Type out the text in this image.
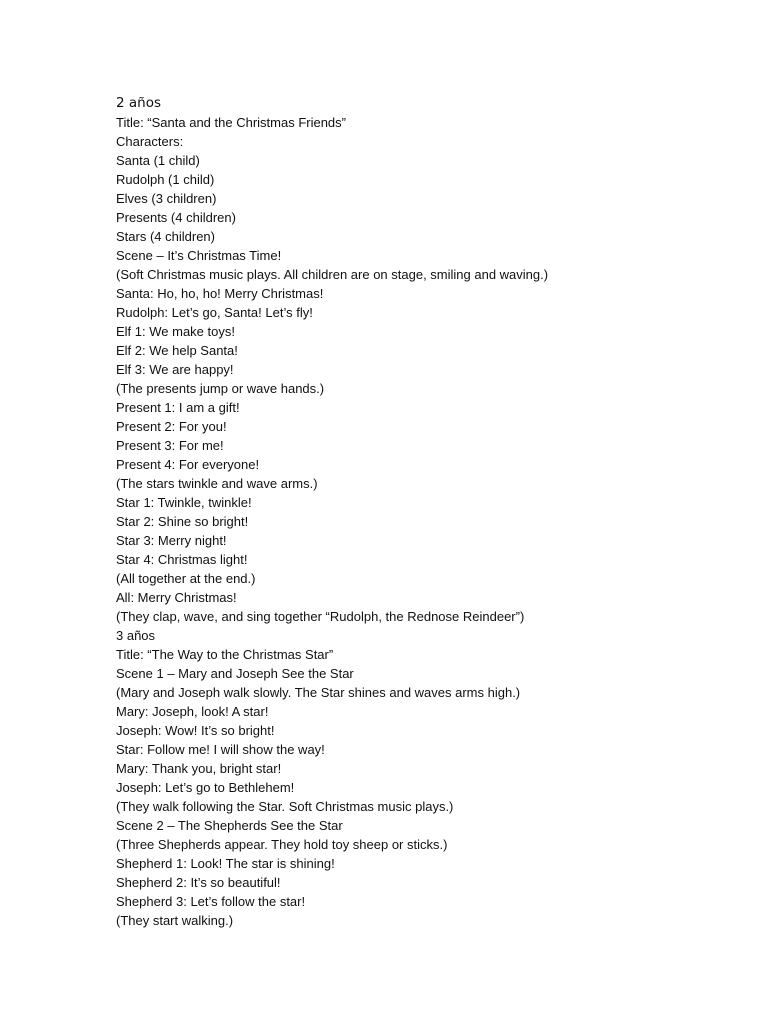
2 años
Title: “Santa and the Christmas Friends”
Characters:
Santa (1 child)
Rudolph (1 child)
Elves (3 children)
Presents (4 children)
Stars (4 children)
Scene – It’s Christmas Time!
(Soft Christmas music plays. All children are on stage, smiling and waving.)
Santa: Ho, ho, ho! Merry Christmas!
Rudolph: Let’s go, Santa! Let’s fly!
Elf 1: We make toys!
Elf 2: We help Santa!
Elf 3: We are happy!
(The presents jump or wave hands.)
Present 1: I am a gift!
Present 2: For you!
Present 3: For me!
Present 4: For everyone!
(The stars twinkle and wave arms.)
Star 1: Twinkle, twinkle!
Star 2: Shine so bright!
Star 3: Merry night!
Star 4: Christmas light!
(All together at the end.)
All: Merry Christmas!
(They clap, wave, and sing together “Rudolph, the Rednose Reindeer”)
3 años
Title: “The Way to the Christmas Star”
Scene 1 – Mary and Joseph See the Star
(Mary and Joseph walk slowly. The Star shines and waves arms high.)
Mary: Joseph, look! A star!
Joseph: Wow! It’s so bright!
Star: Follow me! I will show the way!
Mary: Thank you, bright star!
Joseph: Let’s go to Bethlehem!
(They walk following the Star. Soft Christmas music plays.)
Scene 2 – The Shepherds See the Star
(Three Shepherds appear. They hold toy sheep or sticks.)
Shepherd 1: Look! The star is shining!
Shepherd 2: It’s so beautiful!
Shepherd 3: Let’s follow the star!
(They start walking.)
